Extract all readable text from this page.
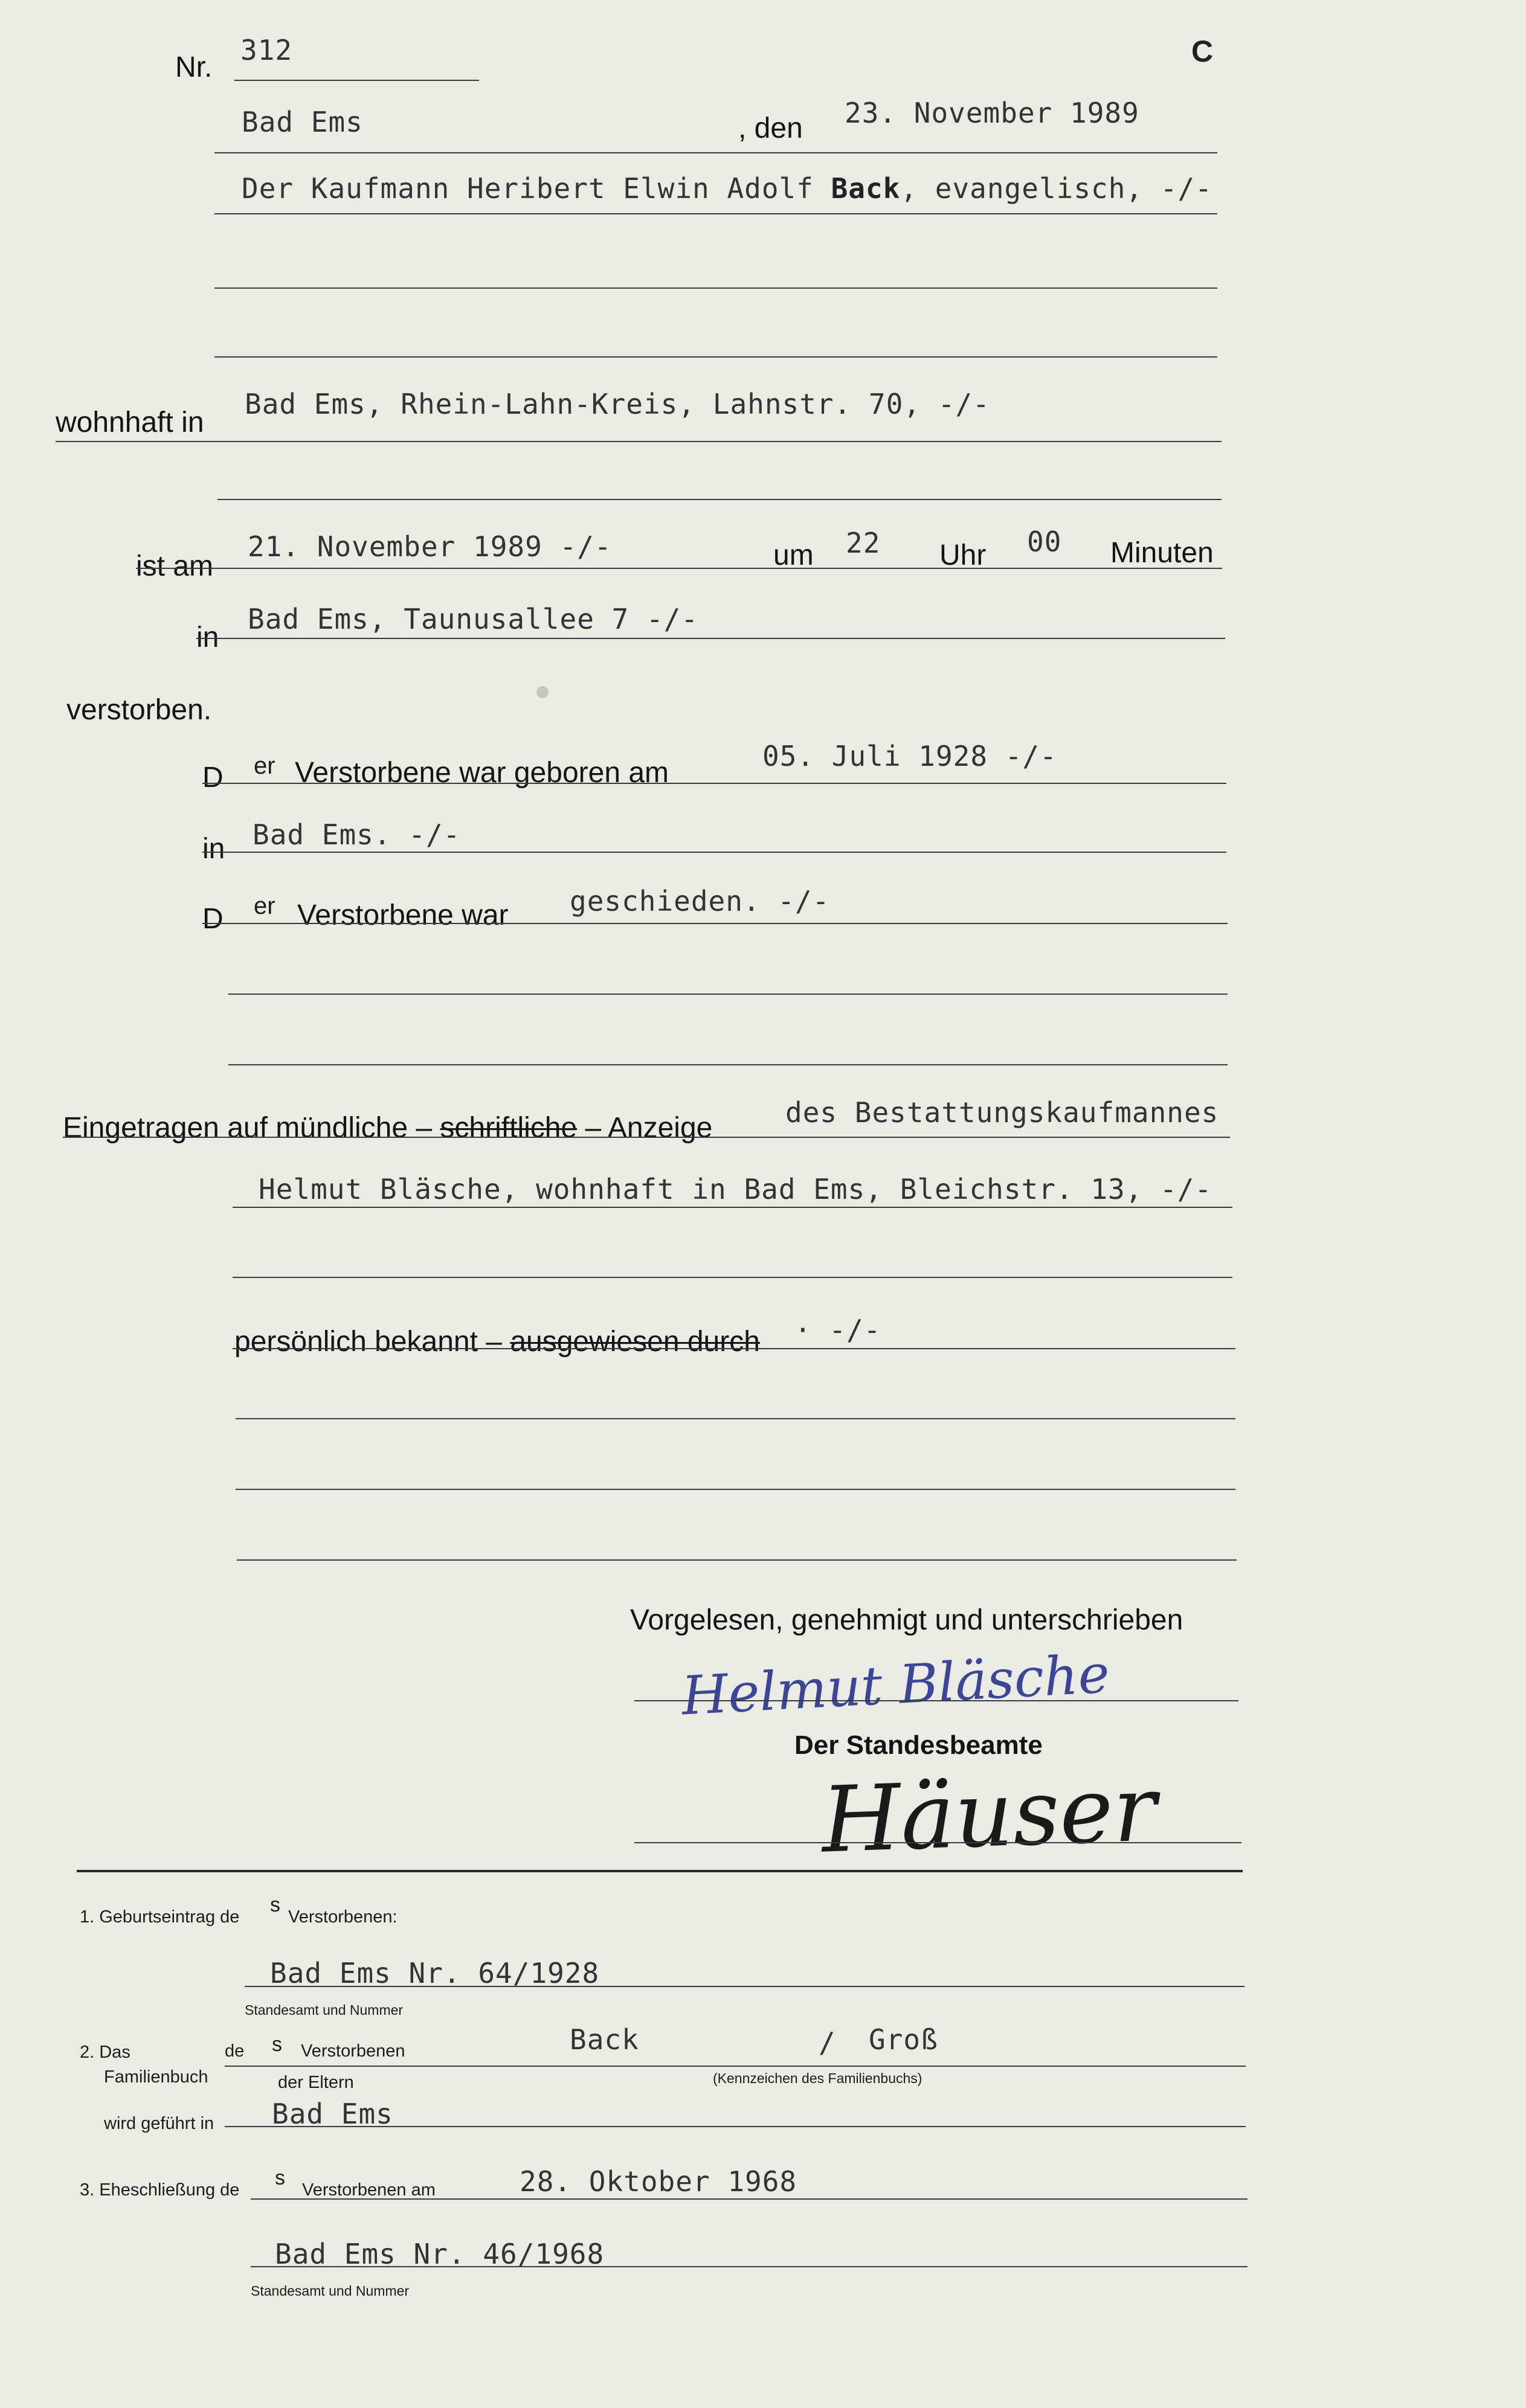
Nr.
312	C
Bad Ems	, den 23. November 1989
Der Kaufmann Heribert Elwin Adolf Back, evangelisch, -/-
wohnhaft in
Bad Ems, Rhein-Lahn-Kreis, Lahnstr. 70, -/-
ist am
21. November 1989 -/-	um 22 Uhr 00 Minuten
in
Bad Ems, Taunusallee 7 -/-
verstorben.
D er Verstorbene war geboren am
05. Juli 1928 -/-
in Bad Ems. -/-
D er Verstorbene war geschieden. -/-
Eingetragen auf mündliche – schriftliche – Anzeige	des Bestattungskaufmannes
Helmut Bläsche, wohnhaft in Bad Ems, Bleichstr. 13, -/-
persönlich bekannt – ausgewiesen durch · -/-
Vorgelesen, genehmigt und unterschrieben
Helmut Bläsche
Der Standesbeamte
Häuser
1. Geburtseintrag de
s
Verstorbenen:
Bad Ems Nr. 64/1928
Standesamt und Nummer
2. Das
Familienbuch
wird geführt in
de s Verstorbenen
der Eltern
Back	/ Groß
(Kennzeichen des Familienbuchs)
Bad Ems
3. Eheschließung de
s
Verstorbenen am	28. Oktober 1968
Bad Ems Nr. 46/1968
Standesamt und Nummer
